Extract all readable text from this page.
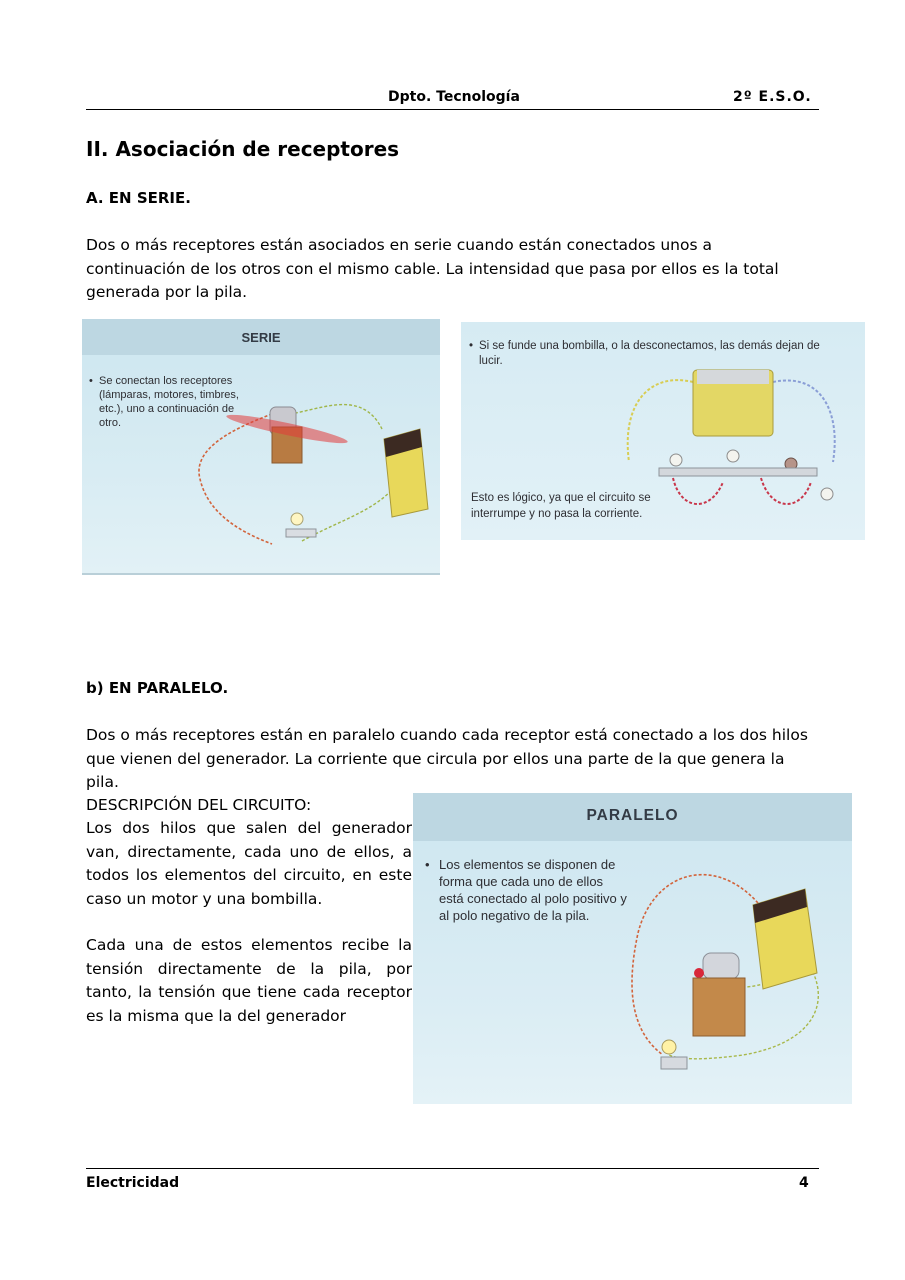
Dpto. Tecnología	2º E.S.O.
II. Asociación de receptores
A. EN SERIE.
Dos o más receptores están asociados en serie cuando están conectados unos a continuación de los otros con el mismo cable. La intensidad que pasa por ellos es la total generada por la pila.
SERIE
• Se conectan los receptores (lámparas, motores, timbres, etc.), uno a continuación de otro.
• Si se funde una bombilla, o la desconectamos, las demás dejan de lucir.
Esto es lógico, ya que el circuito se interrumpe y no pasa la corriente.
b) EN PARALELO.
Dos o más receptores están en paralelo cuando cada receptor está conectado a los dos hilos que vienen del generador. La corriente que circula por ellos una parte de la que genera la pila.
DESCRIPCIÓN DEL CIRCUITO:
Los dos hilos que salen del generador van, directamente, cada uno de ellos, a todos los elementos del circuito, en este caso un motor y una bombilla.
Cada una de estos elementos recibe la tensión directamente de la pila, por tanto, la tensión que tiene cada receptor es la misma que la del generador
PARALELO
• Los elementos se disponen de forma que cada uno de ellos está conectado al polo positivo y al polo negativo de la pila.
Electricidad	4
